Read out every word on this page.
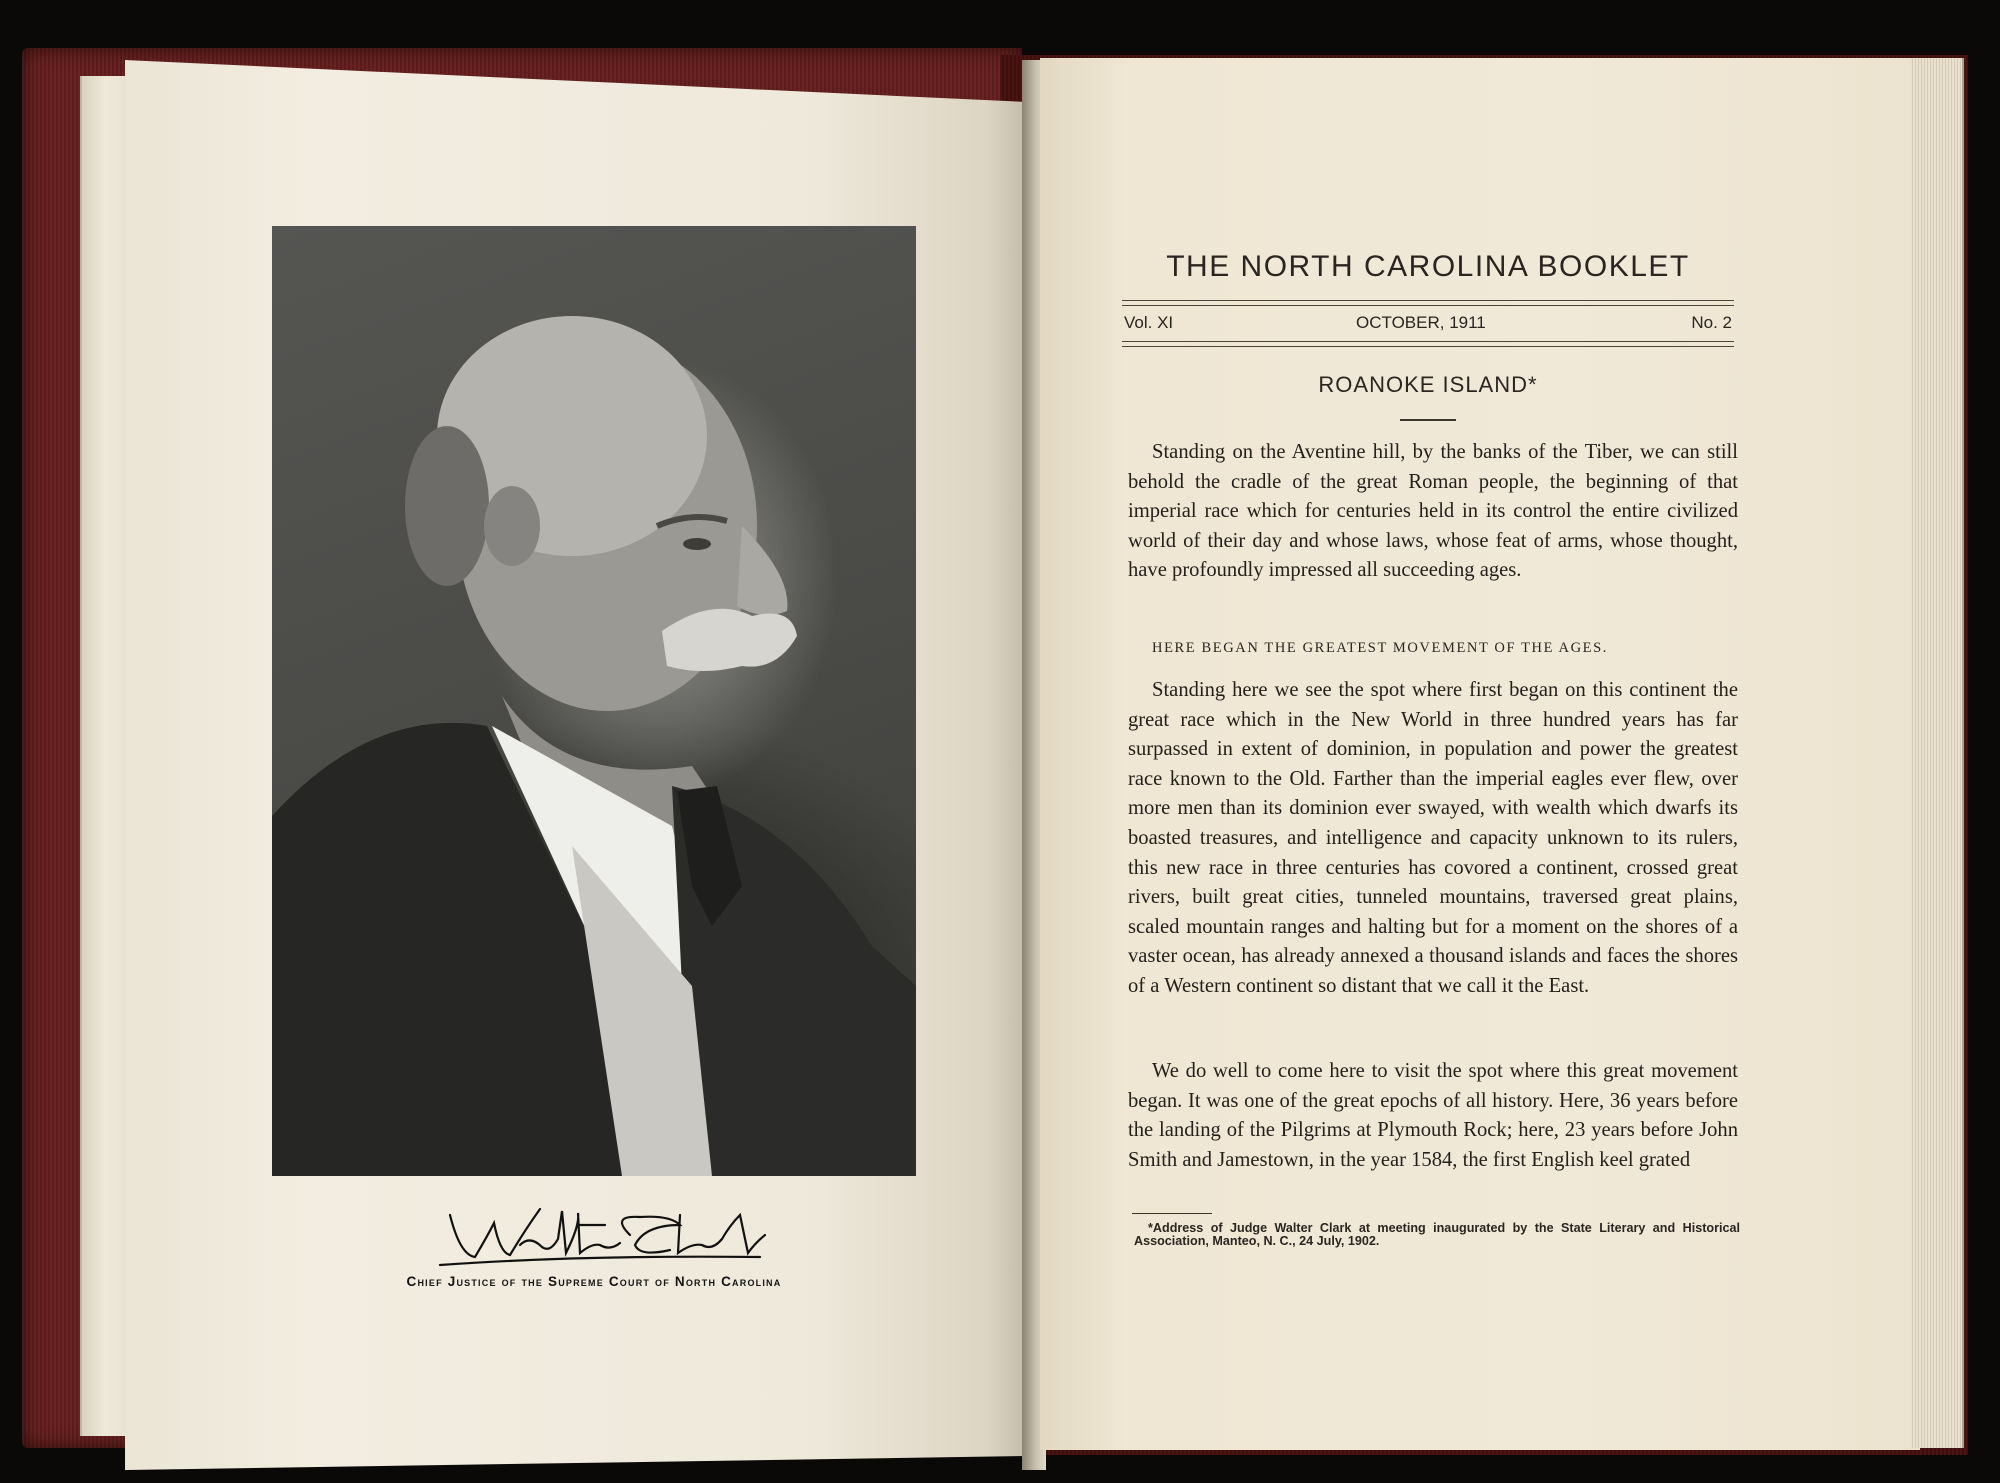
Chief Justice of the Supreme Court of North Carolina
THE NORTH CAROLINA BOOKLET
Vol. XI	OCTOBER, 1911	No. 2
ROANOKE ISLAND*

Standing on the Aventine hill, by the banks of the Tiber, we can still behold the cradle of the great Roman people, the beginning of that imperial race which for centuries held in its control the entire civilized world of their day and whose laws, whose feat of arms, whose thought, have profoundly impressed all succeeding ages.

HERE BEGAN THE GREATEST MOVEMENT OF THE AGES.

Standing here we see the spot where first began on this continent the great race which in the New World in three hundred years has far surpassed in extent of dominion, in population and power the greatest race known to the Old. Farther than the imperial eagles ever flew, over more men than its dominion ever swayed, with wealth which dwarfs its boasted treasures, and intelligence and capacity unknown to its rulers, this new race in three centuries has covored a continent, crossed great rivers, built great cities, tunneled mountains, traversed great plains, scaled mountain ranges and halting but for a moment on the shores of a vaster ocean, has already annexed a thousand islands and faces the shores of a Western continent so distant that we call it the East.

We do well to come here to visit the spot where this great movement began. It was one of the great epochs of all history. Here, 36 years before the landing of the Pilgrims at Plymouth Rock; here, 23 years before John Smith and Jamestown, in the year 1584, the first English keel grated

*Address of Judge Walter Clark at meeting inaugurated by the State Literary and Historical Association, Manteo, N. C., 24 July, 1902.
